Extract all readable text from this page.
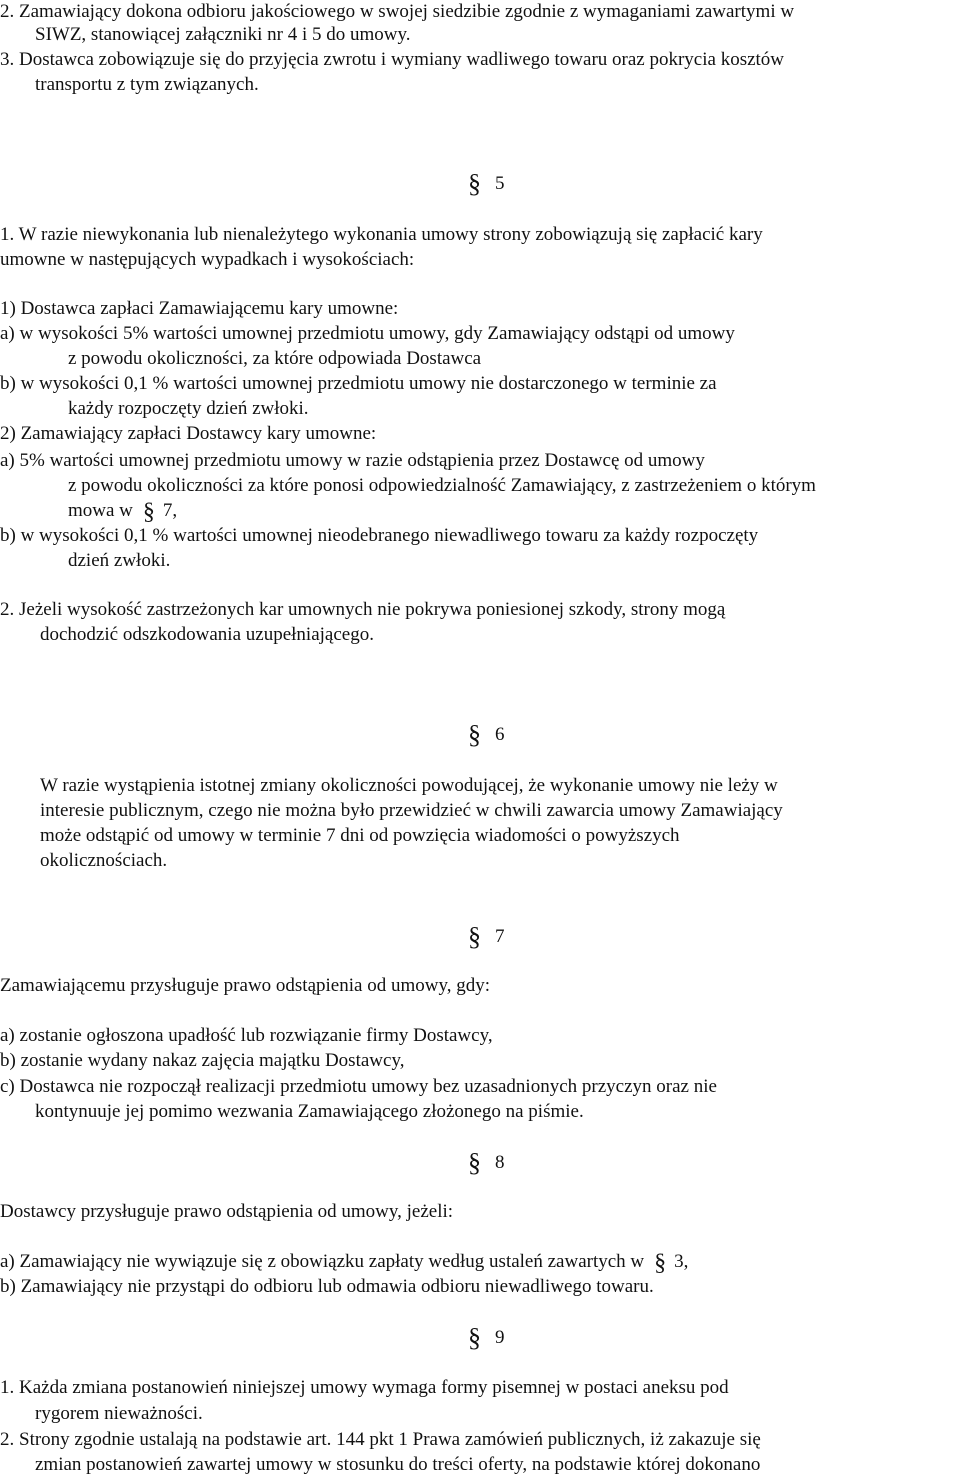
2. Zamawiający dokona odbioru jakościowego w swojej siedzibie zgodnie z wymaganiami zawartymi w
SIWZ, stanowiącej załączniki nr 4 i 5 do umowy.
3. Dostawca zobowiązuje się do przyjęcia zwrotu i wymiany wadliwego towaru oraz pokrycia kosztów
transportu z tym związanych.
§ 5
1. W razie niewykonania lub nienależytego wykonania umowy strony zobowiązują się zapłacić kary
umowne w następujących wypadkach i wysokościach:
1) Dostawca zapłaci Zamawiającemu kary umowne:
a) w wysokości 5% wartości umownej przedmiotu umowy, gdy Zamawiający odstąpi od umowy
z powodu okoliczności, za które odpowiada Dostawca
b) w wysokości 0,1 % wartości umownej przedmiotu umowy nie dostarczonego w terminie za
każdy rozpoczęty dzień zwłoki.
2) Zamawiający zapłaci Dostawcy kary umowne:
a) 5% wartości umownej przedmiotu umowy w razie odstąpienia przez Dostawcę od umowy
z powodu okoliczności za które ponosi odpowiedzialność Zamawiający, z zastrzeżeniem o którym
mowa w § 7,
b) w wysokości 0,1 % wartości umownej nieodebranego niewadliwego towaru za każdy rozpoczęty
dzień zwłoki.
2. Jeżeli wysokość zastrzeżonych kar umownych nie pokrywa poniesionej szkody, strony mogą
dochodzić odszkodowania uzupełniającego.
§ 6
W razie wystąpienia istotnej zmiany okoliczności powodującej, że wykonanie umowy nie leży w
interesie publicznym, czego nie można było przewidzieć w chwili zawarcia umowy Zamawiający
może odstąpić od umowy w terminie 7 dni od powzięcia wiadomości o powyższych
okolicznościach.
§ 7
Zamawiającemu przysługuje prawo odstąpienia od umowy, gdy:
a) zostanie ogłoszona upadłość lub rozwiązanie firmy Dostawcy,
b) zostanie wydany nakaz zajęcia majątku Dostawcy,
c) Dostawca nie rozpoczął realizacji przedmiotu umowy bez uzasadnionych przyczyn oraz nie
kontynuuje jej pomimo wezwania Zamawiającego złożonego na piśmie.
§ 8
Dostawcy przysługuje prawo odstąpienia od umowy, jeżeli:
a) Zamawiający nie wywiązuje się z obowiązku zapłaty według ustaleń zawartych w § 3,
b) Zamawiający nie przystąpi do odbioru lub odmawia odbioru niewadliwego towaru.
§ 9
1. Każda zmiana postanowień niniejszej umowy wymaga formy pisemnej w postaci aneksu pod
rygorem nieważności.
2. Strony zgodnie ustalają na podstawie art. 144 pkt 1 Prawa zamówień publicznych, iż zakazuje się
zmian postanowień zawartej umowy w stosunku do treści oferty, na podstawie której dokonano
